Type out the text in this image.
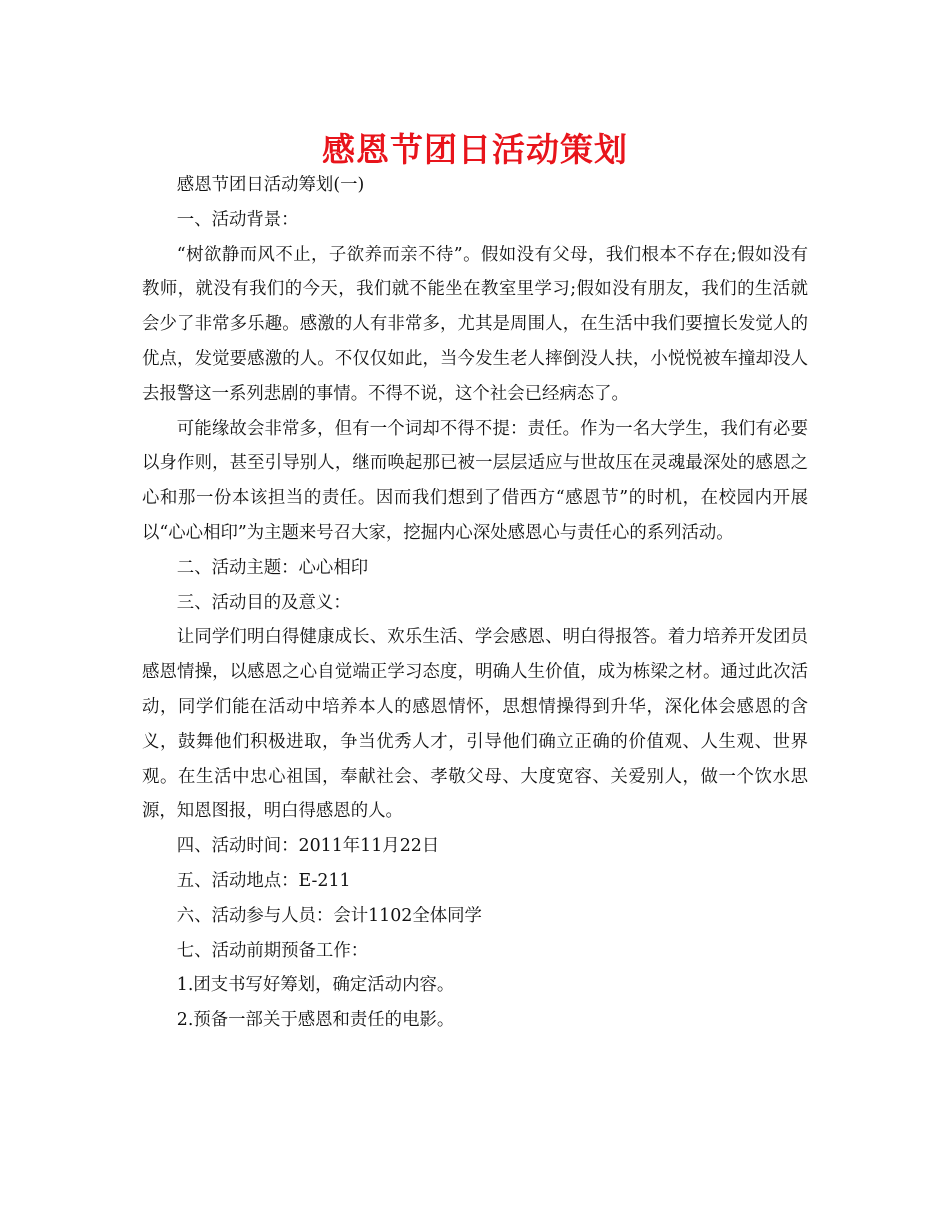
感恩节团日活动策划

感恩节团日活动筹划(一)

一、活动背景：

“树欲静而风不止，子欲养而亲不待”。假如没有父母，我们根本不存在;假如没有教师，就没有我们的今天，我们就不能坐在教室里学习;假如没有朋友，我们的生活就会少了非常多乐趣。感激的人有非常多，尤其是周围人，在生活中我们要擅长发觉人的优点，发觉要感激的人。不仅仅如此，当今发生老人摔倒没人扶，小悦悦被车撞却没人去报警这一系列悲剧的事情。不得不说，这个社会已经病态了。

可能缘故会非常多，但有一个词却不得不提：责任。作为一名大学生，我们有必要以身作则，甚至引导别人，继而唤起那已被一层层适应与世故压在灵魂最深处的感恩之心和那一份本该担当的责任。因而我们想到了借西方“感恩节”的时机，在校园内开展以“心心相印”为主题来号召大家，挖掘内心深处感恩心与责任心的系列活动。

二、活动主题：心心相印

三、活动目的及意义：

让同学们明白得健康成长、欢乐生活、学会感恩、明白得报答。着力培养开发团员感恩情操，以感恩之心自觉端正学习态度，明确人生价值，成为栋梁之材。通过此次活动，同学们能在活动中培养本人的感恩情怀，思想情操得到升华，深化体会感恩的含义，鼓舞他们积极进取，争当优秀人才，引导他们确立正确的价值观、人生观、世界观。在生活中忠心祖国，奉献社会、孝敬父母、大度宽容、关爱别人，做一个饮水思源，知恩图报，明白得感恩的人。

四、活动时间：2011年11月22日

五、活动地点：E-211

六、活动参与人员：会计1102全体同学

七、活动前期预备工作：

1.团支书写好筹划，确定活动内容。

2.预备一部关于感恩和责任的电影。
